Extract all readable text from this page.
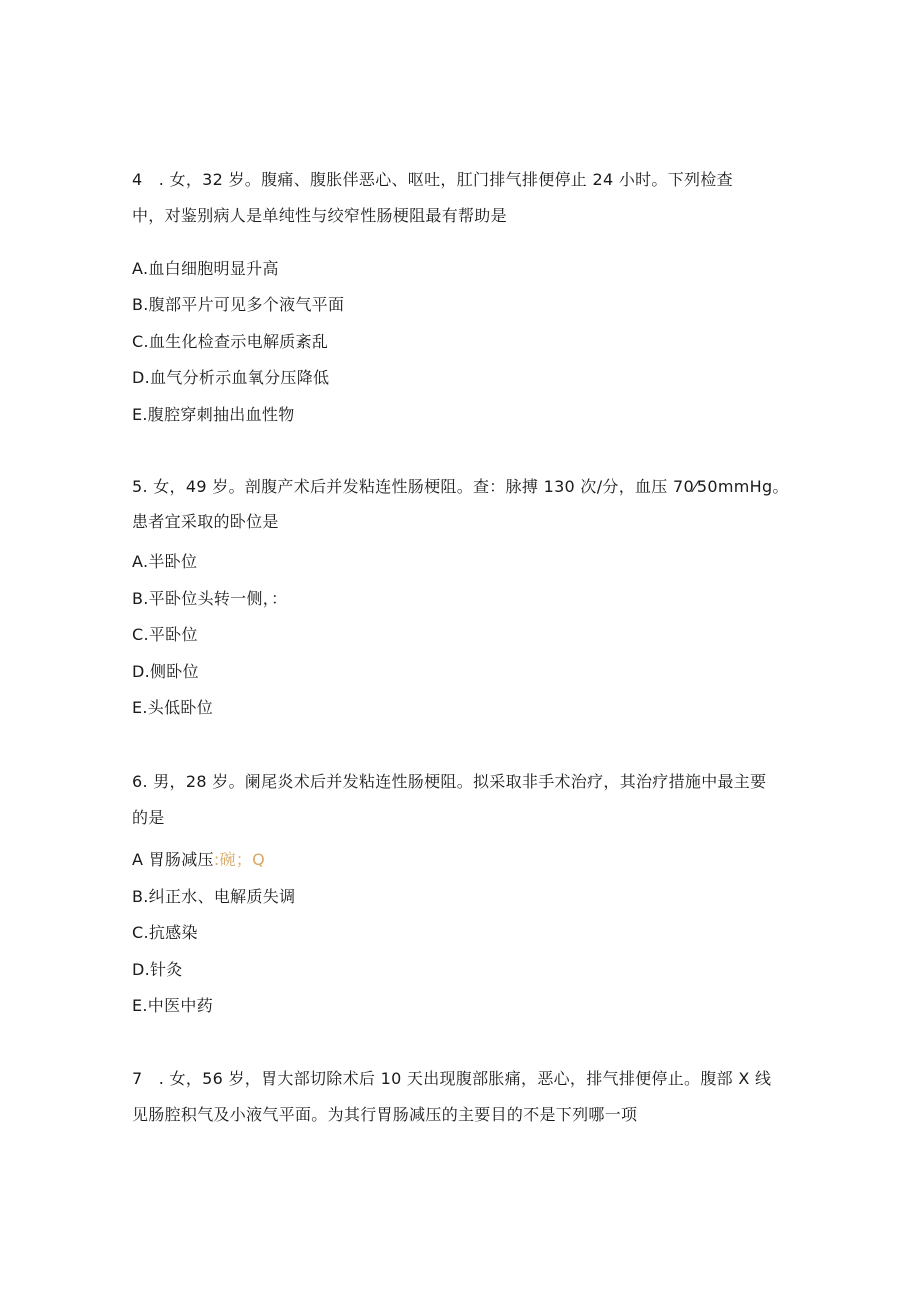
4　. 女，32 岁。腹痛、腹胀伴恶心、呕吐，肛门排气排便停止 24 小时。下列检查
中，对鉴别病人是单纯性与绞窄性肠梗阻最有帮助是
A.血白细胞明显升高
B.腹部平片可见多个液气平面
C.血生化检查示电解质紊乱
D.血气分析示血氧分压降低
E.腹腔穿刺抽出血性物
5. 女，49 岁。剖腹产术后并发粘连性肠梗阻。查：脉搏 130 次/分，血压 70⁄50mmHg。
患者宜采取的卧位是
A.半卧位
B.平卧位头转一侧，：
C.平卧位
D.侧卧位
E.头低卧位
6. 男，28 岁。阑尾炎术后并发粘连性肠梗阻。拟采取非手术治疗，其治疗措施中最主要
的是
A 胃肠减压:碗；Q
B.纠正水、电解质失调
C.抗感染
D.针灸
E.中医中药
7　. 女，56 岁，胃大部切除术后 10 天出现腹部胀痛，恶心，排气排便停止。腹部 X 线
见肠腔积气及小液气平面。为其行胃肠减压的主要目的不是下列哪一项
